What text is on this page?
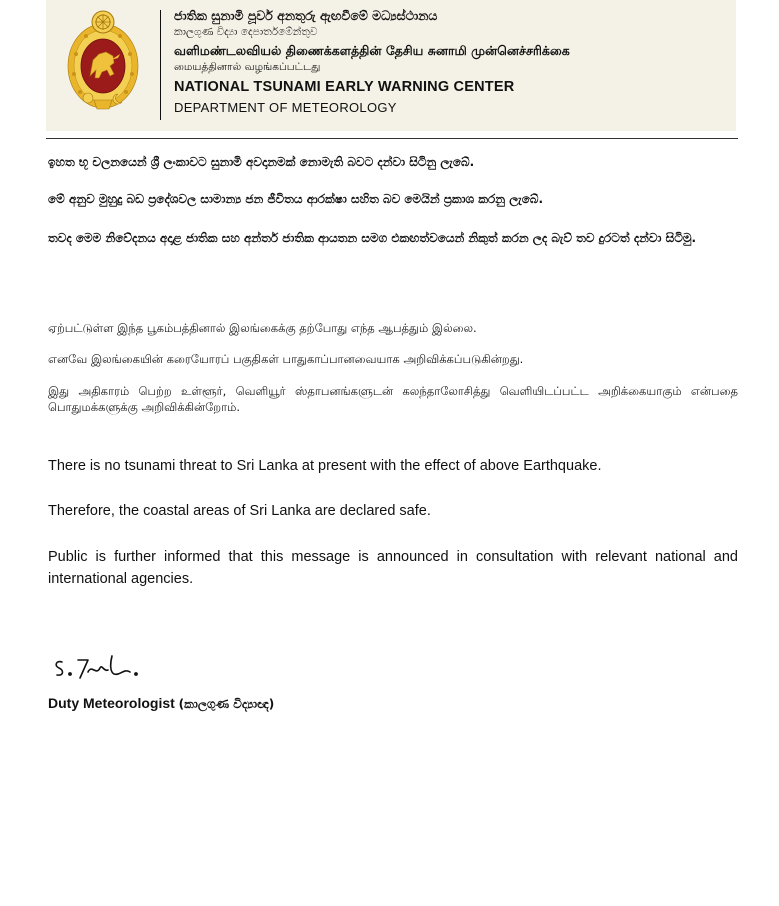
ජාතික සුනාමි පූර්ව අනතුරු ඇඟවීමේ මධ්‍යස්ථානය
කාලගුණ විද්‍යා දෙපාර්තමේන්තුව
வளிமண்டலவியல் திணைக்களத்தின் தேசிய சுனாமி முன்னெச்சரிக்கை
மையத்தினால் வழங்கப்பட்டது
NATIONAL TSUNAMI EARLY WARNING CENTER
DEPARTMENT OF METEOROLOGY

ඉහත භූ චලනයෙන් ශ්‍රී ලංකාවට සුනාමි අවදානමක් නොමැති බවට දන්වා සිටිනු ලැබේ.

මේ අනුව මුහුදු බඩ ප්‍රදේශවල සාමාන්‍ය ජන ජීවිතය ආරක්ෂා සහිත බව මෙයින් ප්‍රකාශ කරනු ලැබේ.

තවද මෙම නිවේදනය අදාළ ජාතික සහ අන්තර් ජාතික ආයතන සමග එකඟත්වයෙන් නිකුත් කරන ලද බැව් තව දුරටත් දන්වා සිටිමු.

ஏற்பட்டுள்ள இந்த பூகம்பத்தினால் இலங்கைக்கு தற்போது எந்த ஆபத்தும் இல்லை.

எனவே இலங்கையின் கரையோரப் பகுதிகள் பாதுகாப்பானவையாக அறிவிக்கப்படுகின்றது.

இது அதிகாரம் பெற்ற உள்ளூர், வெளியூர் ஸ்தாபனங்களுடன் கலந்தாலோசித்து வெளியிடப்பட்ட அறிக்கையாகும் என்பதை பொதுமக்களுக்கு அறிவிக்கின்றோம்.

There is no tsunami threat to Sri Lanka at present with the effect of above Earthquake.

Therefore, the coastal areas of Sri Lanka are declared safe.

Public is further informed that this message is announced in consultation with relevant national and international agencies.

Duty Meteorologist (කාලගුණ විද්‍යාඥ)
